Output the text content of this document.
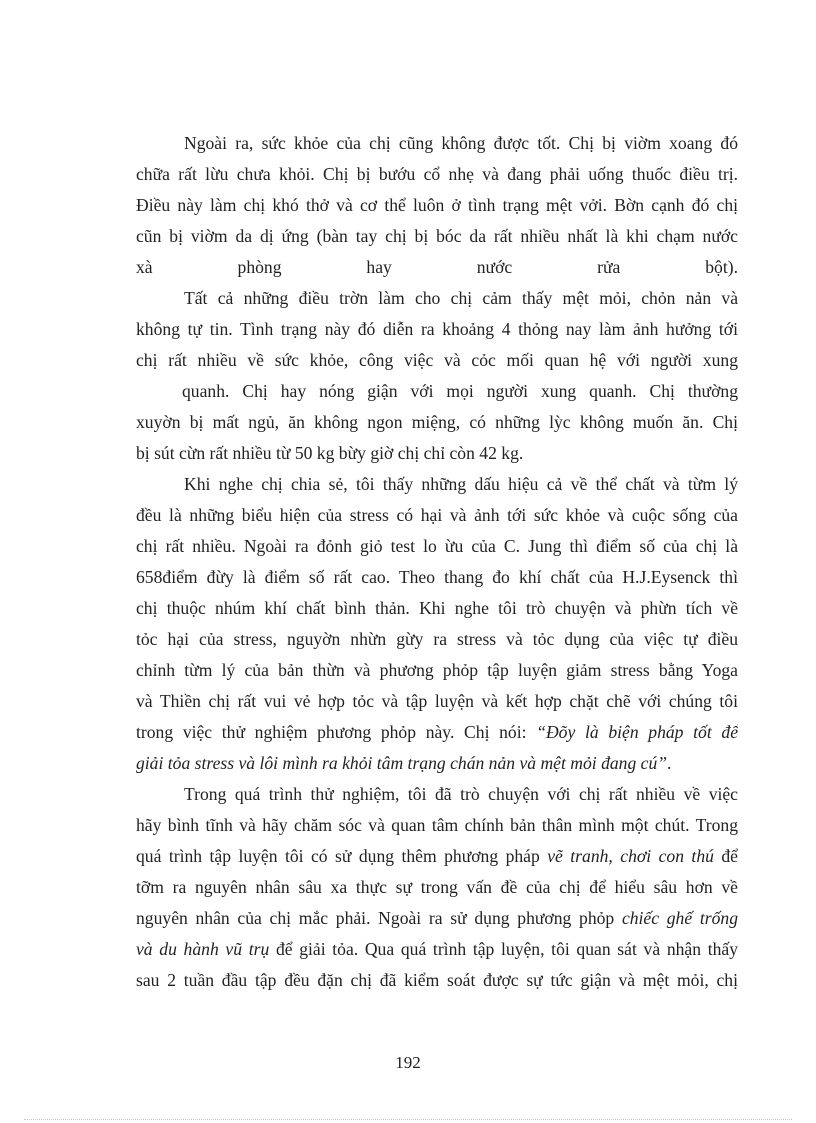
Ngoài ra, sức khỏe của chị cũng không được tốt. Chị bị viờm xoang đó
chữa rất lừu chưa khỏi. Chị bị bướu cổ nhẹ và đang phải uống thuốc điều trị.
Điều này làm chị khó thở và cơ thể luôn ở tình trạng mệt vởi. Bờn cạnh đó chị
cũn bị viờm da dị ứng (bàn tay chị bị bóc da rất nhiều nhất là khi chạm nước
xà phòng hay nước rửa bột).
Tất cả những điều trờn làm cho chị cảm thấy mệt mỏi, chỏn nản và
không tự tin. Tình trạng này đó diễn ra khoảng 4 thỏng nay làm ảnh hưởng tới
chị rất nhiều về sức khỏe, công việc và cỏc mối quan hệ với người xung
quanh. Chị hay nóng giận với mọi người xung quanh. Chị thường
xuyờn bị mất ngủ, ăn không ngon miệng, có những lỳc không muốn ăn. Chị
bị sút cừn rất nhiều từ 50 kg bừy giờ chị chỉ còn 42 kg.
Khi nghe chị chia sẻ, tôi thấy những dấu hiệu cả về thể chất và từm lý
đều là những biểu hiện của stress có hại và ảnh tới sức khỏe và cuộc sống của
chị rất nhiều. Ngoài ra đỏnh giỏ test lo ừu của C. Jung thì điểm số của chị là
658điểm đừy là điểm số rất cao. Theo thang đo khí chất của H.J.Eysenck thì
chị thuộc nhúm khí chất bình thản. Khi nghe tôi trò chuyện và phừn tích về
tỏc hại của stress, nguyờn nhừn gừy ra stress và tỏc dụng của việc tự điều
chỉnh từm lý của bản thừn và phương phỏp tập luyện giảm stress bằng Yoga
và Thiền chị rất vui vẻ hợp tỏc và tập luyện và kết hợp chặt chẽ với chúng tôi
trong việc thử nghiệm phương phỏp này. Chị nói: “Đõy là biện pháp tốt để
giải tỏa stress và lôi mình ra khỏi tâm trạng chán nản và mệt mỏi đang cú”.
Trong quá trình thử nghiệm, tôi đã trò chuyện với chị rất nhiều về việc
hãy bình tĩnh và hãy chăm sóc và quan tâm chính bản thân mình một chút. Trong
quá trình tập luyện tôi có sử dụng thêm phương pháp vẽ tranh, chơi con thú để
tỡm ra nguyên nhân sâu xa thực sự trong vấn đề của chị để hiểu sâu hơn về
nguyên nhân của chị mắc phải. Ngoài ra sử dụng phương phỏp chiếc ghế trống
và du hành vũ trụ để giải tỏa. Qua quá trình tập luyện, tôi quan sát và nhận thấy
sau 2 tuần đầu tập đều đặn chị đã kiểm soát được sự tức giận và mệt mỏi, chị
192
